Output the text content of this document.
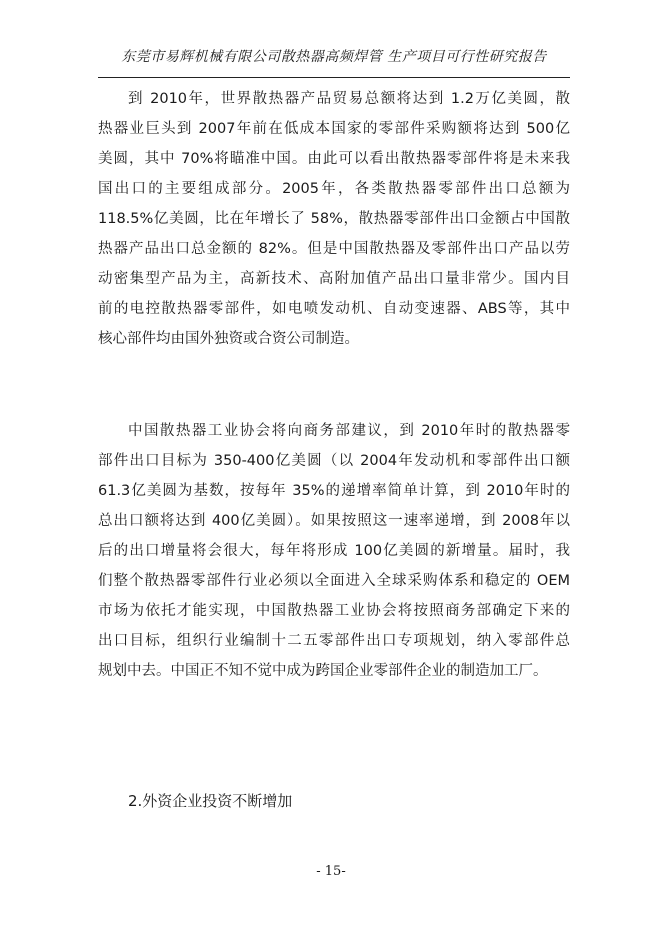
东莞市易辉机械有限公司散热器高频焊管 生产项目可行性研究报告
到 2010年，世界散热器产品贸易总额将达到 1.2万亿美圆，散
热器业巨头到 2007年前在低成本国家的零部件采购额将达到 500亿
美圆，其中 70%将瞄准中国。由此可以看出散热器零部件将是未来我
国出口的主要组成部分。2005年，各类散热器零部件出口总额为
118.5%亿美圆，比在年增长了 58%，散热器零部件出口金额占中国散
热器产品出口总金额的 82%。但是中国散热器及零部件出口产品以劳
动密集型产品为主，高新技术、高附加值产品出口量非常少。国内目
前的电控散热器零部件，如电喷发动机、自动变速器、ABS等，其中
核心部件均由国外独资或合资公司制造。
中国散热器工业协会将向商务部建议，到 2010年时的散热器零
部件出口目标为 350-400亿美圆（以 2004年发动机和零部件出口额
61.3亿美圆为基数，按每年 35%的递增率简单计算，到 2010年时的
总出口额将达到 400亿美圆）。如果按照这一速率递增，到 2008年以
后的出口增量将会很大，每年将形成 100亿美圆的新增量。届时，我
们整个散热器零部件行业必须以全面进入全球采购体系和稳定的 OEM
市场为依托才能实现，中国散热器工业协会将按照商务部确定下来的
出口目标，组织行业编制十二五零部件出口专项规划，纳入零部件总
规划中去。中国正不知不觉中成为跨国企业零部件企业的制造加工厂。
2.外资企业投资不断增加
- 15-
